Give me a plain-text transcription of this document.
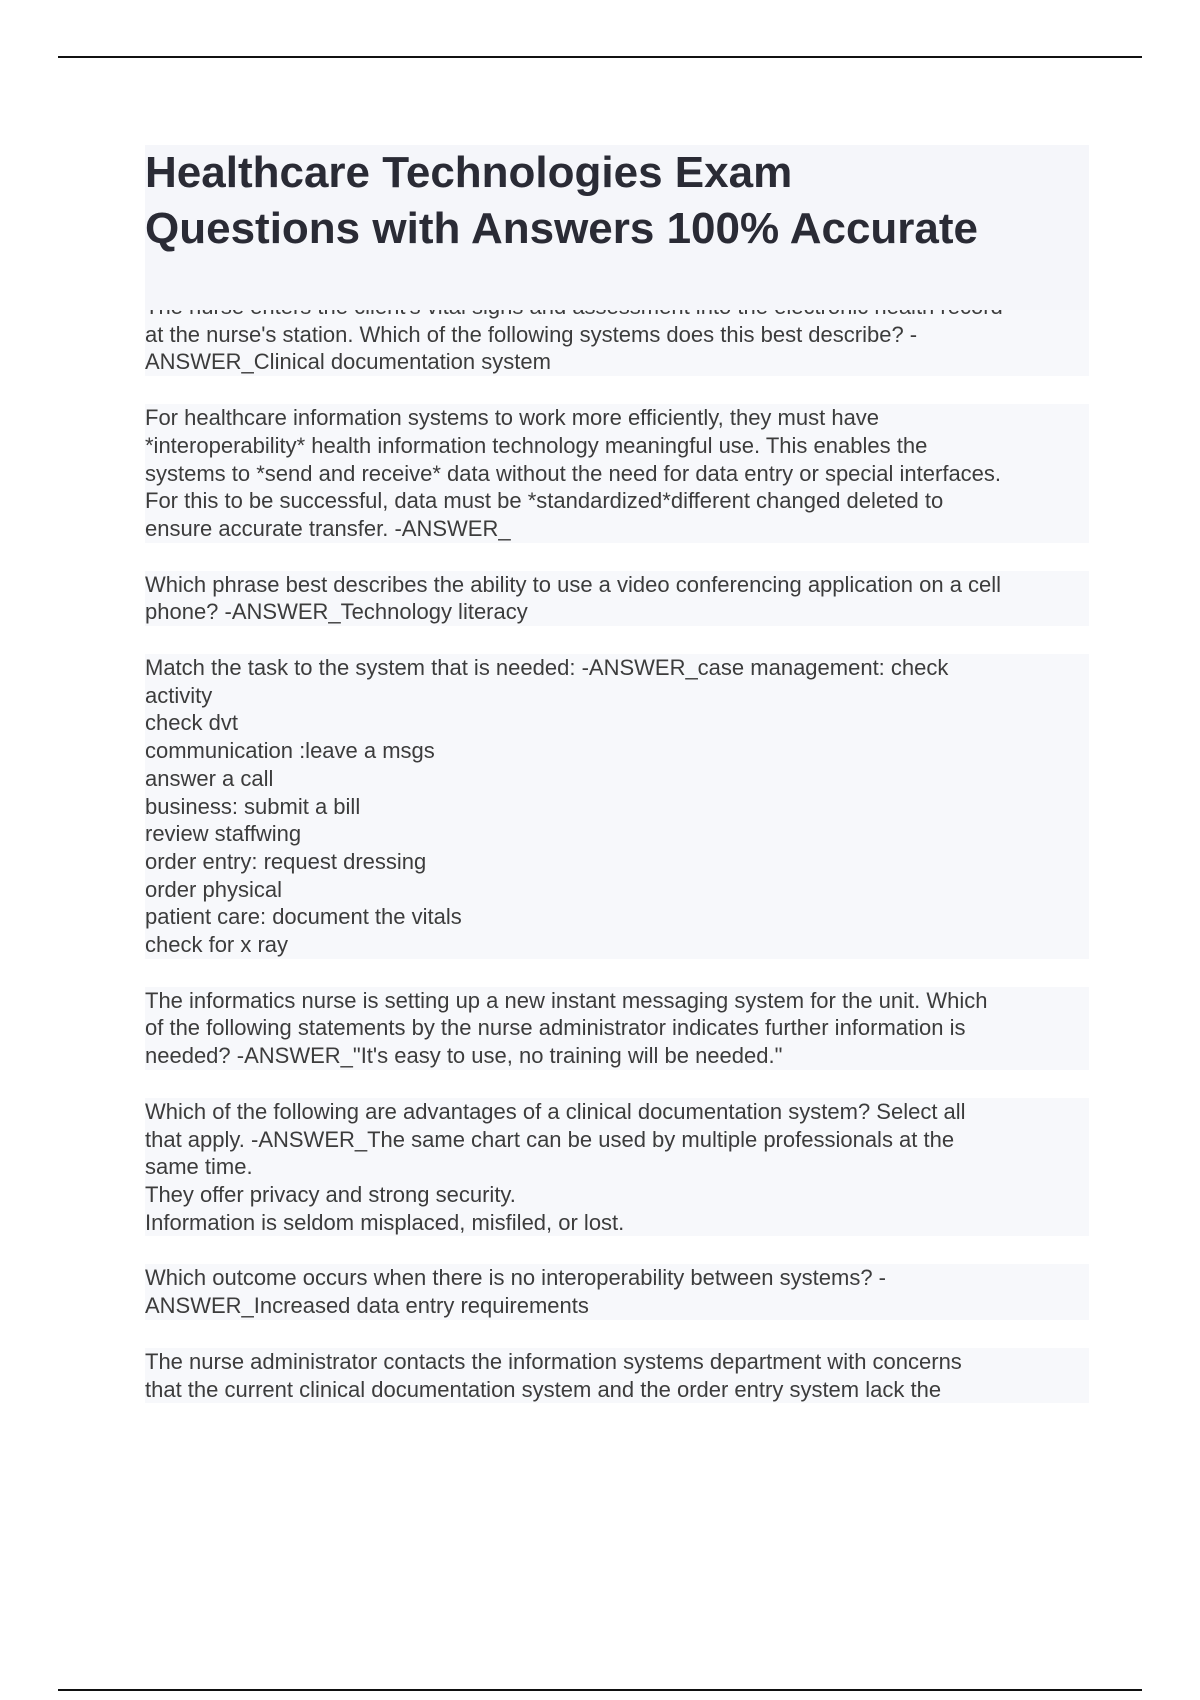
Healthcare Technologies Exam
Questions with Answers 100% Accurate
at the nurse's station. Which of the following systems does this best describe? -
ANSWER_Clinical documentation system
For healthcare information systems to work more efficiently, they must have
*interoperability* health information technology meaningful use. This enables the
systems to *send and receive* data without the need for data entry or special interfaces.
For this to be successful, data must be *standardized*different changed deleted to
ensure accurate transfer. -ANSWER_
Which phrase best describes the ability to use a video conferencing application on a cell
phone? -ANSWER_Technology literacy
Match the task to the system that is needed: -ANSWER_case management: check
activity
check dvt
communication :leave a msgs
answer a call
business: submit a bill
review staffwing
order entry: request dressing
order physical
patient care: document the vitals
check for x ray
The informatics nurse is setting up a new instant messaging system for the unit. Which
of the following statements by the nurse administrator indicates further information is
needed? -ANSWER_"It's easy to use, no training will be needed."
Which of the following are advantages of a clinical documentation system? Select all
that apply. -ANSWER_The same chart can be used by multiple professionals at the
same time.
They offer privacy and strong security.
Information is seldom misplaced, misfiled, or lost.
Which outcome occurs when there is no interoperability between systems? -
ANSWER_Increased data entry requirements
The nurse administrator contacts the information systems department with concerns
that the current clinical documentation system and the order entry system lack the
